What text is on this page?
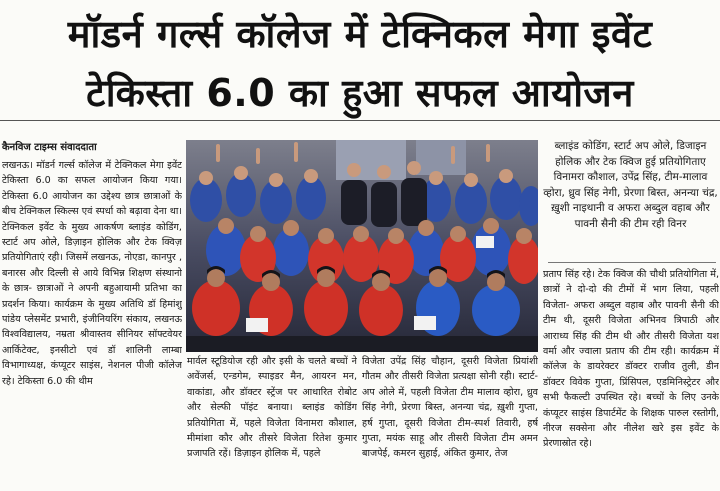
मॉडर्न गर्ल्स कॉलेज में टेक्निकल मेगा इवेंट
टेकिस्ता 6.0 का हुआ सफल आयोजन
कैनविज टाइम्स संवाददाता

लखनऊ। मॉडर्न गर्ल्स कॉलेज में टेक्निकल मेगा इवेंट टेकिस्ता 6.0 का सफल आयोजन किया गया। टेकिस्ता 6.0 आयोजन का उद्देश्य छात्र छात्राओं के बीच टेक्निकल स्किल्स एवं स्पर्धा को बढ़ावा देना था। टेक्निकल इवेंट के मुख्य आकर्षण ब्लाइंड कोडिंग, स्टार्ट अप ओले, डिज़ाइन होलिक और टेक क्विज़ प्रतियोगिताएं रही। जिसमें लखनऊ, नोएडा, कानपुर , बनारस और दिल्ली से आये विभिन्न शिक्षण संस्थानो के छात्र- छात्राओं ने अपनी बहुआयामी प्रतिभा का प्रदर्शन किया। कार्यक्रम के मुख्य अतिथि डॉ हिमांशु पांडेय प्लेसमेंट प्रभारी, इंजीनियरिंग संकाय, लखनऊ विश्वविद्यालय, नम्रता श्रीवास्तव सीनियर सॉफ्टवेयर आर्किटेक्ट, इनसीटो एवं डॉ शालिनी लाम्बा विभागाध्यक्ष, कंप्यूटर साइंस, नेशनल पीजी कॉलेज रहे। टेकिस्ता 6.0 की थीम

मार्वल स्टूडियोज रही और इसी के चलते बच्चों ने अवेंजर्स, एन्डगेम, स्पाइडर मैन, आयरन मन, वाकांडा, और डॉक्टर स्ट्रेंज पर आधारित रोबोट और सेल्फी पॉइंट बनाया। ब्लाइंड कोडिंग प्रतियोगिता में, पहले विजेता विनामरा कौशाल, मीमांशा कौर और तीसरे विजेता रितेश कुमार प्रजापति रहें। डिज़ाइन होलिक में, पहले

विजेता उपेंद्र सिंह चौहान, दूसरी विजेता प्रियांशी गौतम और तीसरी विजेता प्रत्यक्षा सोनी रही। स्टार्ट-अप ओले में, पहली विजेता टीम मालाव व्होरा, ध्रुव सिंह नेगी, प्रेरणा बिस्त, अनन्या चंद्र, ख़ुशी गुप्ता, हर्ष गुप्ता, दूसरी विजेता टीम-स्पर्श तिवारी, हर्ष गुप्ता, मयंक साहू और तीसरी विजेता टीम अमन बाजपेई, कमरन सुहाई, अंकित कुमार, तेज

ब्लाइंड कोडिंग, स्टार्ट अप ओले, डिजाइन होलिक और टेक क्विज हुई प्रतियोगिताए विनामरा कौशाल, उपेंद्र सिंह, टीम-मालाव व्होरा, ध्रुव सिंह नेगी, प्रेरणा बिस्त, अनन्या चंद्र, ख़ुशी नाइथानी व अफरा अब्दुल वहाब और पावनी सैनी की टीम रही विनर

प्रताप सिंह रहे। टेक क्विज की चौथी प्रतियोगिता में, छात्रों ने दो-दो की टीमों में भाग लिया, पहली विजेता- अफरा अब्दुल वहाब और पावनी सैनी की टीम थी, दूसरी विजेता अभिनव त्रिपाठी और आराध्य सिंह की टीम थी और तीसरी विजेता यश वर्मा और ज्वाला प्रताप की टीम रही। कार्यक्रम में कॉलेज के डायरेक्टर डॉक्टर राजीव तुली, डीन डॉक्टर विवेक गुप्ता, प्रिंसिपल, एडमिनिस्ट्रेटर और सभी फैकल्टी उपस्थित रहे। बच्चों के लिए उनके कंप्यूटर साइंस डिपार्टमेंट के शिक्षक पारुल रस्तोगी, नीरज सक्सेना और नीलेश खरे इस इवेंट के प्रेरणास्रोत रहे।
